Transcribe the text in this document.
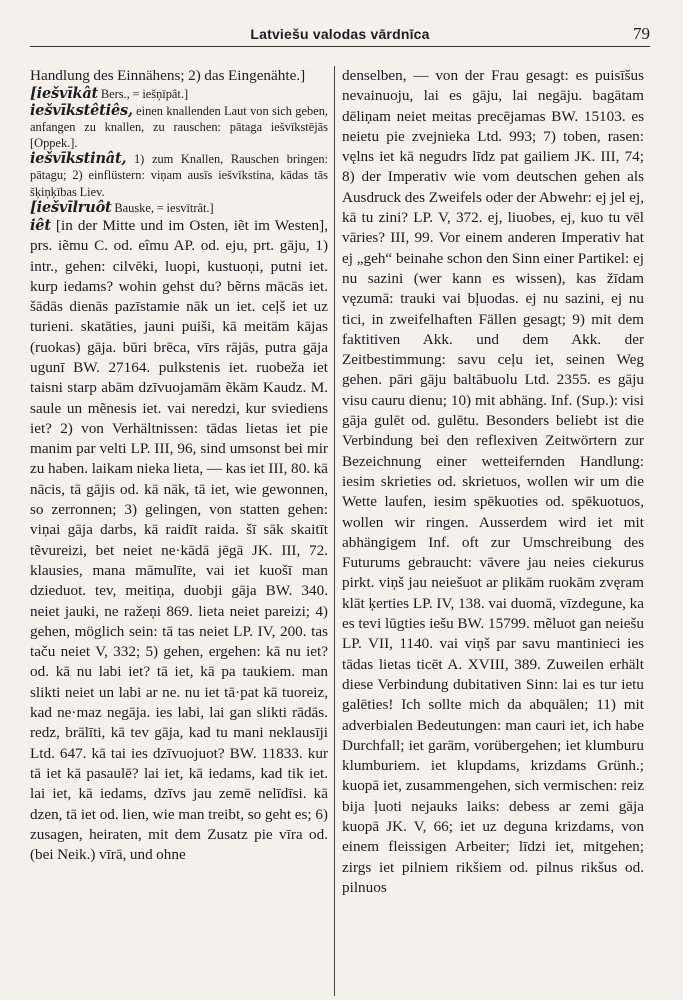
Latviešu valodas vārdnīca	79

Handlung des Einnähens; 2) das Eingenähte.]

[iešvīkât Bers., = iešņīpât.]

iešvīkstêtiês, einen knallenden Laut von sich geben, anfangen zu knallen, zu rauschen: pātaga iešvīkstējās [Oppek.].

iešvīkstinât, 1) zum Knallen, Rauschen bringen: pātagu; 2) einflüstern: viņam ausīs iešvīkstina, kādas tās šķiņķības Liev.

[iešvīlruôt Bauske, = iesvītrât.]

iêt [in der Mitte und im Osten, iẽt im Westen], prs. iẽmu C. od. eîmu AP. od. eju, prt. gāju, 1) intr., gehen: cilvēki, luopi, kustuoņi, putni iet. kurp iedams? wohin gehst du? bẽrns mācās iet. šādās dienās pazīstamie nāk un iet. ceļš iet uz turieni. skatāties, jauni puiši, kā meitām kājas (ruokas) gāja. būri brēca, vīrs rājās, putra gāja ugunī BW. 27164. pulkstenis iet. ruobeža iet taisni starp abām dzīvuojamām ẽkām Kaudz. M. saule un mẽnesis iet. vai neredzi, kur sviediens iet? 2) von Verhältnissen: tādas lietas iet pie manim par velti LP. III, 96, sind umsonst bei mir zu haben. laikam nieka lieta, — kas iet III, 80. kā nācis, tā gājis od. kā nāk, tā iet, wie gewonnen, so zerronnen; 3) gelingen, von statten gehen: viņai gāja darbs, kā raidīt raida. šī sāk skaitīt tẽvureizi, bet neiet ne·kādā jēgā JK. III, 72. klausies, mana māmulīte, vai iet kuošī man dzieduot. tev, meitiņa, duobji gāja BW. 340. neiet jauki, ne ražeņi 869. lieta neiet pareizi; 4) gehen, möglich sein: tā tas neiet LP. IV, 200. tas taču neiet V, 332; 5) gehen, ergehen: kā nu iet? od. kā nu labi iet? tā iet, kā pa taukiem. man slikti neiet un labi ar ne. nu iet tā·pat kā tuoreiz, kad ne·maz negāja. ies labi, lai gan slikti rādās. redz, brālīti, kā tev gāja, kad tu mani neklausīji Ltd. 647. kā tai ies dzīvuojuot? BW. 11833. kur tā iet kā pasaulē? lai iet, kā iedams, kad tik iet. lai iet, kā iedams, dzīvs jau zemē nelīdīsi. kā dzen, tā iet od. lien, wie man treibt, so geht es; 6) zusagen, heiraten, mit dem Zusatz pie vīra od. (bei Neik.) vīrā, und ohne

denselben, — von der Frau gesagt: es puisīšus nevainuoju, lai es gāju, lai negāju. bagātam dēliņam neiet meitas precējamas BW. 15103. es neietu pie zvejnieka Ltd. 993; 7) toben, rasen: vęlns iet kā negudrs līdz pat gailiem JK. III, 74; 8) der Imperativ wie vom deutschen gehen als Ausdruck des Zweifels oder der Abwehr: ej jel ej, kā tu zini? LP. V, 372. ej, liuobes, ej, kuo tu vēl vāries? III, 99. Vor einem anderen Imperativ hat ej „geh“ beinahe schon den Sinn einer Partikel: ej nu sazini (wer kann es wissen), kas žīdam vęzumā: trauki vai bļuodas. ej nu sazini, ej nu tici, in zweifelhaften Fällen gesagt; 9) mit dem faktitiven Akk. und dem Akk. der Zeitbestimmung: savu ceļu iet, seinen Weg gehen. pāri gāju baltābuolu Ltd. 2355. es gāju visu cauru dienu; 10) mit abhäng. Inf. (Sup.): visi gāja gulēt od. gulētu. Besonders beliebt ist die Verbindung bei den reflexiven Zeitwörtern zur Bezeichnung einer wetteifernden Handlung: iesim skrieties od. skrietuos, wollen wir um die Wette laufen, iesim spēkuoties od. spēkuotuos, wollen wir ringen. Ausserdem wird iet mit abhängigem Inf. oft zur Umschreibung des Futurums gebraucht: vāvere jau neies ciekurus pirkt. viņš jau neiešuot ar plikām ruokām zvęram klāt ķerties LP. IV, 138. vai duomā, vīzdegune, ka es tevi lūgties iešu BW. 15799. mẽluot gan neiešu LP. VII, 1140. vai viņš par savu mantinieci ies tādas lietas ticēt A. XVIII, 389. Zuweilen erhält diese Verbindung dubitativen Sinn: lai es tur ietu galēties! Ich sollte mich da abquälen; 11) mit adverbialen Bedeutungen: man cauri iet, ich habe Durchfall; iet garām, vorübergehen; iet klumburu klumburiem. iet klupdams, krizdams Grünh.; kuopā iet, zusammengehen, sich vermischen: reiz bija ļuoti nejauks laiks: debess ar zemi gāja kuopā JK. V, 66; iet uz deguna krizdams, von einem fleissigen Arbeiter; līdzi iet, mitgehen; zirgs iet pilniem rikšiem od. pilnus rikšus od. pilnuos
